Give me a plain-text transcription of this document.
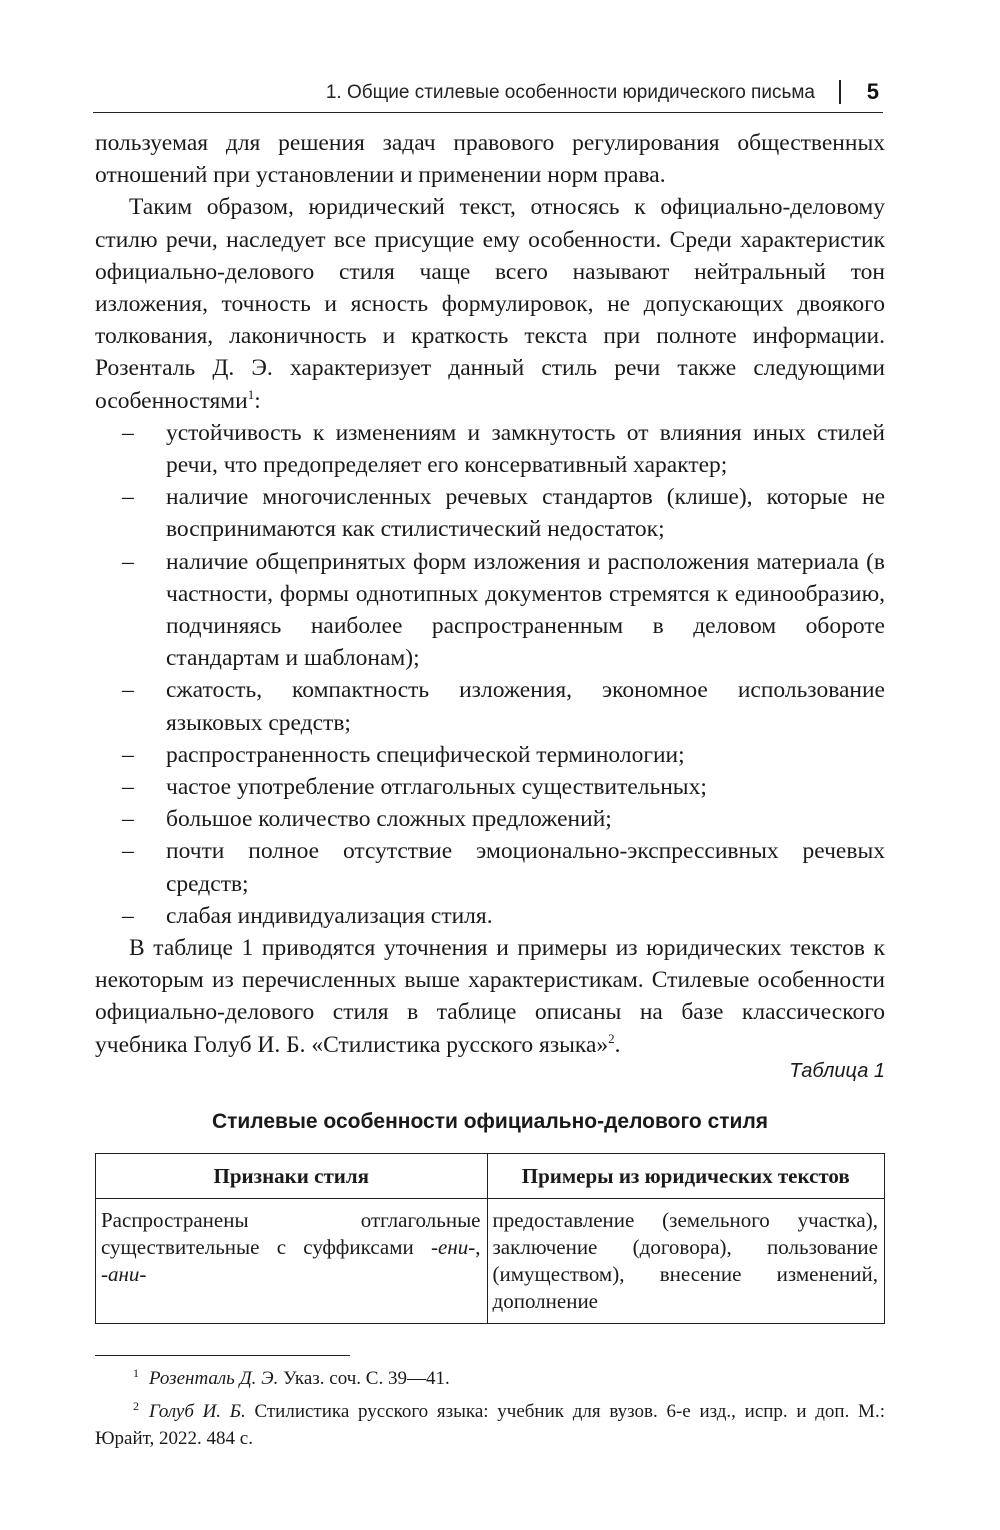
1. Общие стилевые особенности юридического письма 5

пользуемая для решения задач правового регулирования общественных отношений при установлении и применении норм права.

Таким образом, юридический текст, относясь к официально-деловому стилю речи, наследует все присущие ему особенности. Среди характеристик официально-делового стиля чаще всего называют нейтральный тон изложения, точность и ясность формулировок, не допускающих двоякого толкования, лаконичность и краткость текста при полноте информации. Розенталь Д. Э. характеризует данный стиль речи также следующими особенностями$^1$:

– устойчивость к изменениям и замкнутость от влияния иных стилей речи, что предопределяет его консервативный характер;
– наличие многочисленных речевых стандартов (клише), которые не воспринимаются как стилистический недостаток;
– наличие общепринятых форм изложения и расположения материала (в частности, формы однотипных документов стремятся к единообразию, подчиняясь наиболее распространенным в деловом обороте стандартам и шаблонам);
– сжатость, компактность изложения, экономное использование языковых средств;
– распространенность специфической терминологии;
– частое употребление отглагольных существительных;
– большое количество сложных предложений;
– почти полное отсутствие эмоционально-экспрессивных речевых средств;
– слабая индивидуализация стиля.

В таблице 1 приводятся уточнения и примеры из юридических текстов к некоторым из перечисленных выше характеристикам. Стилевые особенности официально-делового стиля в таблице описаны на базе классического учебника Голуб И. Б. «Стилистика русского языка»$^2$.

Таблица 1
Стилевые особенности официально-делового стиля
Признаки стиля	Примеры из юридических текстов
Распространены отглагольные существительные с суффиксами -ени-, -ани-	предоставление (земельного участка), заключение (договора), пользование (имуществом), внесение изменений, дополнение

$^1$ Розенталь Д. Э. Указ. соч. С. 39—41.

$^2$ Голуб И. Б. Стилистика русского языка: учебник для вузов. 6-е изд., испр. и доп. М.: Юрайт, 2022. 484 с.
